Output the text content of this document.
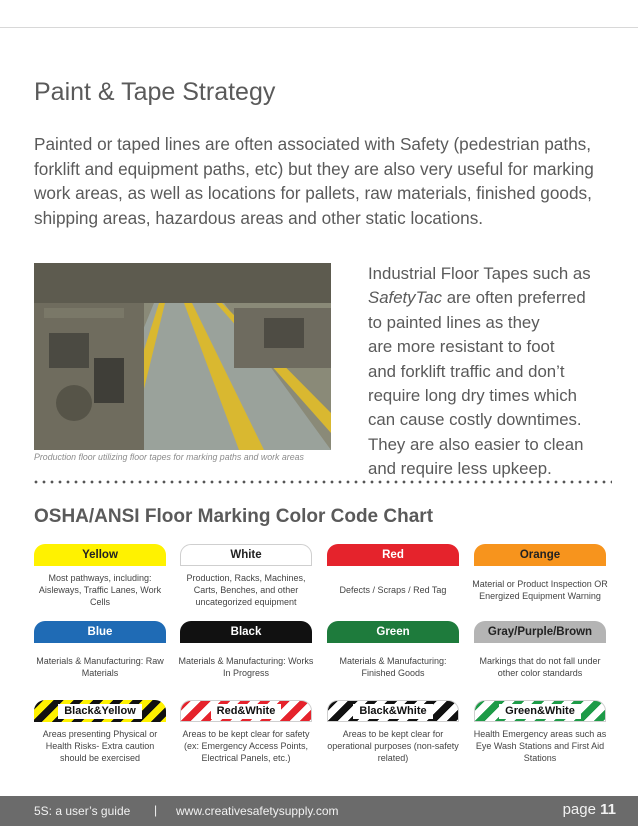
Paint & Tape Strategy

Painted or taped lines are often associated with Safety (pedestrian paths, forklift and equipment paths, etc) but they are also very useful for marking work areas, as well as locations for pallets, raw materials, finished goods, shipping areas, hazardous areas and other static locations.

Production floor utilizing floor tapes for marking paths and work areas
Industrial Floor Tapes such as
SafetyTac are often preferred
to painted lines as they
are more resistant to foot
and forklift traffic and don’t
require long dry times which
can cause costly downtimes.
They are also easier to clean
and require less upkeep.
OSHA/ANSI Floor Marking Color Code Chart
Yellow
Most pathways, including: Aisleways, Traffic Lanes, Work Cells
White
Production, Racks, Machines, Carts, Benches, and other uncategorized equipment
Red
Defects / Scraps / Red Tag
Orange
Material or Product Inspection OR Energized Equipment Warning
Blue
Materials & Manufacturing: Raw Materials
Black
Materials & Manufacturing: Works In Progress
Green
Materials & Manufacturing: Finished Goods
Gray/Purple/Brown
Markings that do not fall under other color standards
Black&Yellow
Areas presenting Physical or Health Risks- Extra caution should be exercised
Red&White
Areas to be kept clear for safety (ex: Emergency Access Points, Electrical Panels, etc.)
Black&White
Areas to be kept clear for operational purposes (non-safety related)
Green&White
Health Emergency areas such as Eye Wash Stations and First Aid Stations
5S: a user’s guide | www.creativesafetysupply.com	page 11
